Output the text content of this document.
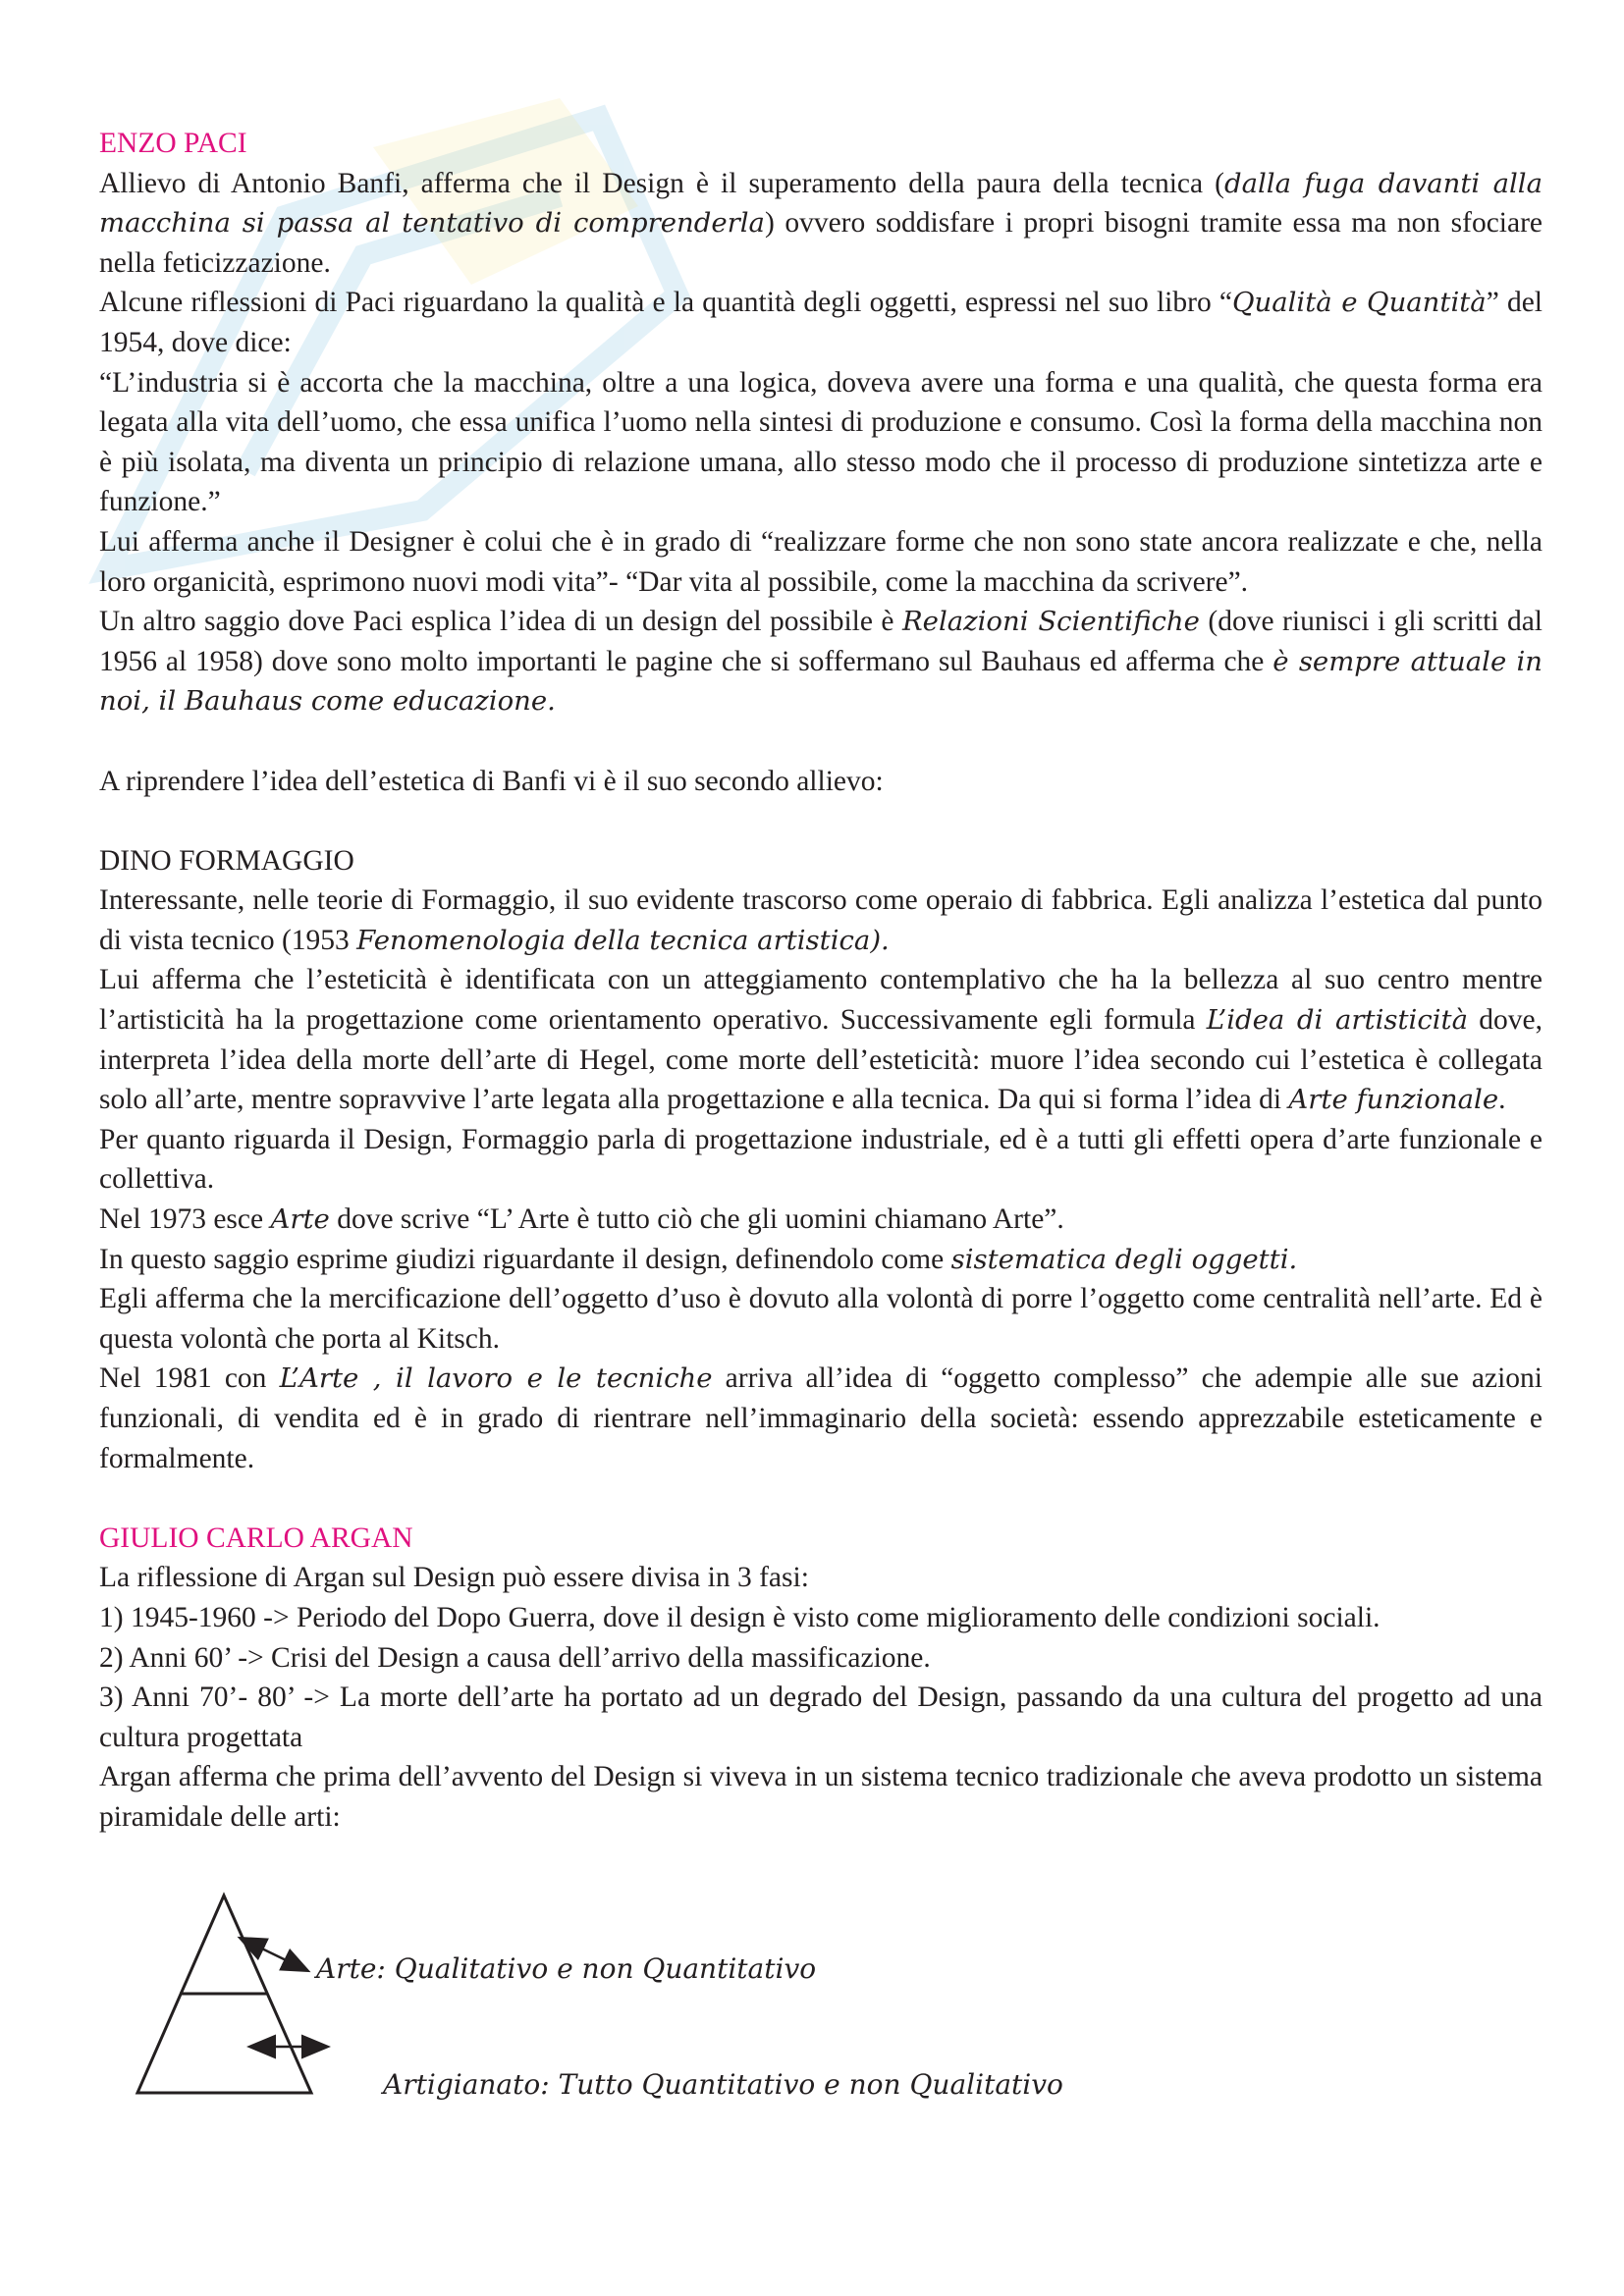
ENZO PACI

Allievo di Antonio Banfi, afferma che il Design è il superamento della paura della tecnica (dalla fuga davanti alla macchina si passa al tentativo di comprenderla) ovvero soddisfare i propri bisogni tramite essa ma non sfociare nella feticizzazione.

Alcune riflessioni di Paci riguardano la qualità e la quantità degli oggetti, espressi nel suo libro “Qualità e Quantità” del 1954, dove dice:

“L’industria si è accorta che la macchina, oltre a una logica, doveva avere una forma e una qualità, che questa forma era legata alla vita dell’uomo, che essa unifica l’uomo nella sintesi di produzione e consumo. Così la forma della macchina non è più isolata, ma diventa un principio di relazione umana, allo stesso modo che il processo di produzione sintetizza arte e funzione.”

Lui afferma anche il Designer è colui che è in grado di “realizzare forme che non sono state ancora realizzate e che, nella loro organicità, esprimono nuovi modi vita”- “Dar vita al possibile, come la macchina da scrivere”.

Un altro saggio dove Paci esplica l’idea di un design del possibile è Relazioni Scientifiche (dove riunisci i gli scritti dal 1956 al 1958) dove sono molto importanti le pagine che si soffermano sul Bauhaus ed afferma che è sempre attuale in noi, il Bauhaus come educazione.

A riprendere l’idea dell’estetica di Banfi vi è il suo secondo allievo:

DINO FORMAGGIO

Interessante, nelle teorie di Formaggio, il suo evidente trascorso come operaio di fabbrica. Egli analizza l’estetica dal punto di vista tecnico (1953 Fenomenologia della tecnica artistica).

Lui afferma che l’esteticità è identificata con un atteggiamento contemplativo che ha la bellezza al suo centro mentre l’artisticità ha la progettazione come orientamento operativo. Successivamente egli formula L’idea di artisticità dove, interpreta l’idea della morte dell’arte di Hegel, come morte dell’esteticità: muore l’idea secondo cui l’estetica è collegata solo all’arte, mentre sopravvive l’arte legata alla progettazione e alla tecnica. Da qui si forma l’idea di Arte funzionale.

Per quanto riguarda il Design, Formaggio parla di progettazione industriale, ed è a tutti gli effetti opera d’arte funzionale e collettiva.

Nel 1973 esce Arte dove scrive “L’ Arte è tutto ciò che gli uomini chiamano Arte”.

In questo saggio esprime giudizi riguardante il design, definendolo come sistematica degli oggetti.

Egli afferma che la mercificazione dell’oggetto d’uso è dovuto alla volontà di porre l’oggetto come centralità nell’arte. Ed è questa volontà che porta al Kitsch.

Nel 1981 con L’Arte , il lavoro e le tecniche arriva all’idea di “oggetto complesso” che adempie alle sue azioni funzionali, di vendita ed è in grado di rientrare nell’immaginario della società: essendo apprezzabile esteticamente e formalmente.

GIULIO CARLO ARGAN

La riflessione di Argan sul Design può essere divisa in 3 fasi:

1) 1945-1960 -> Periodo del Dopo Guerra, dove il design è visto come miglioramento delle condizioni sociali.

2) Anni 60’ -> Crisi del Design a causa dell’arrivo della massificazione.

3) Anni 70’- 80’ -> La morte dell’arte ha portato ad un degrado del Design, passando da una cultura del progetto ad una cultura progettata

Argan afferma che prima dell’avvento del Design si viveva in un sistema tecnico tradizionale che aveva prodotto un sistema piramidale delle arti:

Arte: Qualitativo e non Quantitativo
Artigianato: Tutto Quantitativo e non Qualitativo
